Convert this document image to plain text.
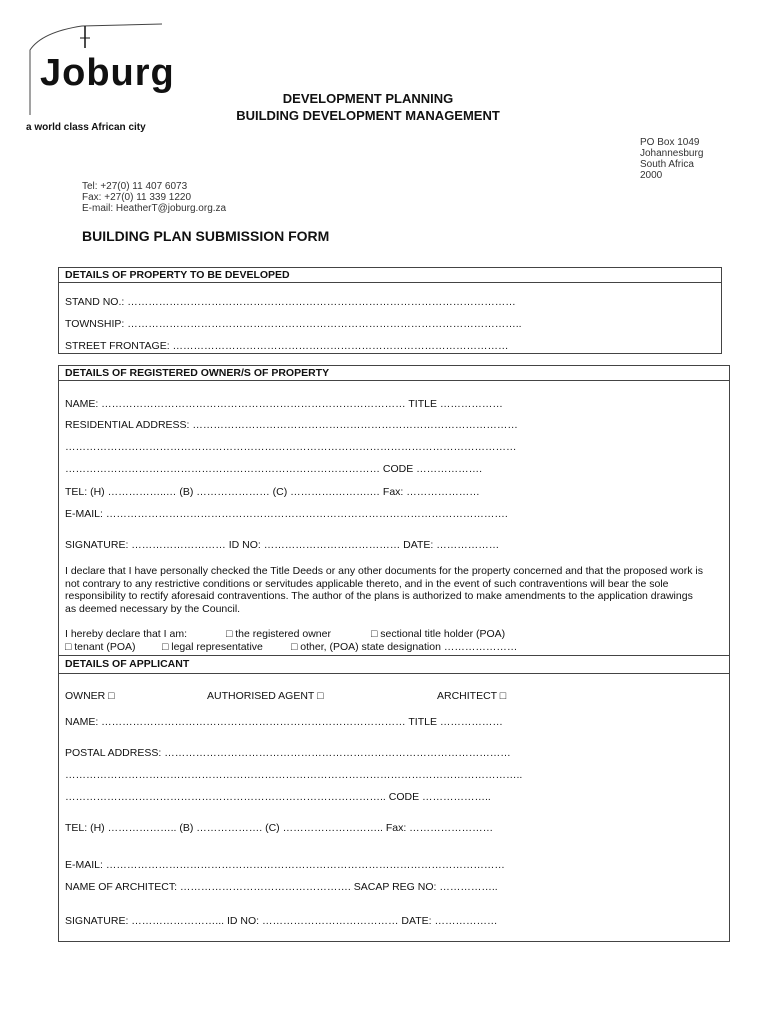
Joburg
a world class African city
DEVELOPMENT PLANNING
BUILDING DEVELOPMENT MANAGEMENT
PO Box 1049
Johannesburg
South Africa
2000
Tel: +27(0) 11 407 6073
Fax: +27(0) 11 339 1220
E-mail: HeatherT@joburg.org.za
BUILDING PLAN SUBMISSION FORM
DETAILS OF PROPERTY TO BE DEVELOPED
STAND NO.: …………………………………………………………………………………………………
TOWNSHIP: …………………………………………………………………………………………………..
STREET FRONTAGE: ……………………………………………………………………………………
DETAILS OF REGISTERED OWNER/S OF PROPERTY
NAME: …………………………………………………………………………… TITLE ………………
RESIDENTIAL ADDRESS: …………………………………………………………………………………
…………………………………………………………………………………………………………………
……………………………………………………………………………… CODE ……………….
TEL: (H) ……………..… (B) ………………… (C) ………….……….… Fax: …………………
E-MAIL: …………………………………………………………………………………………………….
SIGNATURE: ……………………… ID NO: ………………………………… DATE: ………………
I declare that I have personally checked the Title Deeds or any other documents for the property concerned and that the proposed work is not contrary to any restrictive conditions or servitudes applicable thereto, and in the event of such contraventions will bear the sole responsibility to rectify aforesaid contraventions. The author of the plans is authorized to make amendments to the application drawings as deemed necessary by the Council.
I hereby declare that I am:	□ the registered owner	□ sectional title holder (POA)
□ tenant (POA)	□ legal representative	□ other, (POA) state designation …………………
DETAILS OF APPLICANT
OWNER □	AUTHORISED AGENT □	ARCHITECT □
NAME: …………………………………………………………………………… TITLE ………………
POSTAL ADDRESS: ………………………………………………………………………………………
…………………………………………………………………………………………………………………..
……………………………………………………………………………….. CODE ………………..
TEL: (H) ……………….. (B) ………………. (C) ……………………….. Fax: ……………………
E-MAIL: ……………………………………………………………………………………………………
NAME OF ARCHITECT: …………………………………………. SACAP REG NO: ……………..
SIGNATURE: ……………………... ID NO: ………………………………… DATE: ………………
